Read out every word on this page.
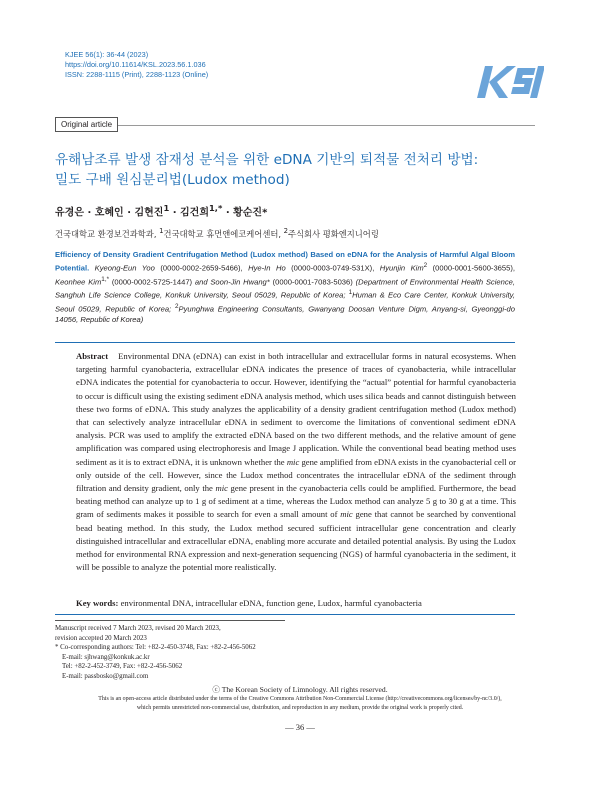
KJEE 56(1): 36-44 (2023)
https://doi.org/10.11614/KSL.2023.56.1.036
ISSN: 2288-1115 (Print), 2288-1123 (Online)
Original article
유해남조류 발생 잠재성 분석을 위한 eDNA 기반의 퇴적물 전처리 방법:
밀도 구배 원심분리법(Ludox method)
유경은 · 호혜인 · 김현진$^1$ · 김건희$^{1,*}$ · 황순진*
건국대학교 환경보건과학과, $^1$건국대학교 휴먼앤에코케어센터, $^2$주식회사 평화엔지니어링
Efficiency of Density Gradient Centrifugation Method (Ludox method) Based on eDNA for the Analysis of Harmful Algal Bloom Potential. Kyeong-Eun Yoo (0000-0002-2659-5466), Hye-In Ho (0000-0003-0749-531X), Hyunjin Kim$^2$ (0000-0001-5600-3655), Keonhee Kim$^{1,*}$ (0000-0002-5725-1447) and Soon-Jin Hwang* (0000-0001-7083-5036) (Department of Environmental Health Science, Sanghuh Life Science College, Konkuk University, Seoul 05029, Republic of Korea; $^1$Human & Eco Care Center, Konkuk University, Seoul 05029, Republic of Korea; $^2$Pyunghwa Engineering Consultants, Gwanyang Doosan Venture Digm, Anyang-si, Gyeonggi-do 14056, Republic of Korea)
Abstract Environmental DNA (eDNA) can exist in both intracellular and extracellular forms in natural ecosystems. When targeting harmful cyanobacteria, extracellular eDNA indicates the presence of traces of cyanobacteria, while intracellular eDNA indicates the potential for cyanobacteria to occur. However, identifying the “actual” potential for harmful cyanobacteria to occur is difficult using the existing sediment eDNA analysis method, which uses silica beads and cannot distinguish between these two forms of eDNA. This study analyzes the applicability of a density gradient centrifugation method (Ludox method) that can selectively analyze intracellular eDNA in sediment to overcome the limitations of conventional sediment eDNA analysis. PCR was used to amplify the extracted eDNA based on the two different methods, and the relative amount of gene amplification was compared using electrophoresis and Image J application. While the conventional bead beating method uses sediment as it is to extract eDNA, it is unknown whether the mic gene amplified from eDNA exists in the cyanobacterial cell or only outside of the cell. However, since the Ludox method concentrates the intracellular eDNA of the sediment through filtration and density gradient, only the mic gene present in the cyanobacteria cells could be amplified. Furthermore, the bead beating method can analyze up to 1 g of sediment at a time, whereas the Ludox method can analyze 5 g to 30 g at a time. This gram of sediments makes it possible to search for even a small amount of mic gene that cannot be searched by conventional bead beating method. In this study, the Ludox method secured sufficient intracellular gene concentration and clearly distinguished intracellular and extracellular eDNA, enabling more accurate and detailed potential analysis. By using the Ludox method for environmental RNA expression and next-generation sequencing (NGS) of harmful cyanobacteria in the sediment, it will be possible to analyze the potential more realistically.
Key words: environmental DNA, intracellular eDNA, function gene, Ludox, harmful cyanobacteria
Manuscript received 7 March 2023, revised 20 March 2023,
revision accepted 20 March 2023
* Co-corresponding authors: Tel: +82-2-450-3748, Fax: +82-2-456-5062
E-mail: sjhwang@konkuk.ac.kr
Tel: +82-2-452-3749, Fax: +82-2-456-5062
E-mail: passbosko@gmail.com
ⓒ The Korean Society of Limnology. All rights reserved.
This is an open-access article distributed under the terms of the Creative Commons Attribution Non-Commercial License (http://creativecommons.org/licenses/by-nc/3.0/),
which permits unrestricted non-commercial use, distribution, and reproduction in any medium, provide the original work is properly cited.
— 36 —
